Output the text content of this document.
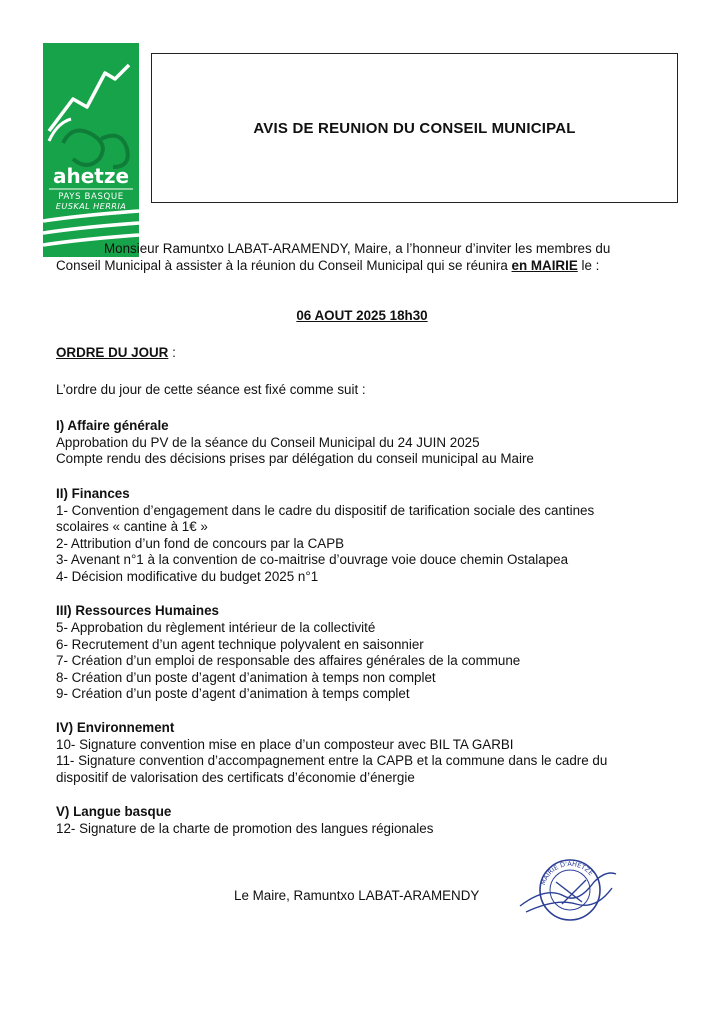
ahetze
PAYS BASQUE
EUSKAL HERRIA
AVIS DE REUNION DU CONSEIL MUNICIPAL
Monsieur Ramuntxo LABAT-ARAMENDY, Maire, a l’honneur d’inviter les membres du
Conseil Municipal à assister à la réunion du Conseil Municipal qui se réunira en MAIRIE le :
06 AOUT 2025 18h30
ORDRE DU JOUR :
L’ordre du jour de cette séance est fixé comme suit :
I) Affaire générale
Approbation du PV de la séance du Conseil Municipal du 24 JUIN 2025
Compte rendu des décisions prises par délégation du conseil municipal au Maire
II) Finances
1- Convention d’engagement dans le cadre du dispositif de tarification sociale des cantines
scolaires « cantine à 1€ »
2- Attribution d’un fond de concours par la CAPB
3- Avenant n°1 à la convention de co-maitrise d’ouvrage voie douce chemin Ostalapea
4- Décision modificative du budget 2025 n°1
III) Ressources Humaines
5- Approbation du règlement intérieur de la collectivité
6- Recrutement d’un agent technique polyvalent en saisonnier
7- Création d’un emploi de responsable des affaires générales de la commune
8- Création d’un poste d’agent d’animation à temps non complet
9- Création d’un poste d’agent d’animation à temps complet
IV) Environnement
10- Signature convention mise en place d’un composteur avec BIL TA GARBI
11- Signature convention d’accompagnement entre la CAPB et la commune dans le cadre du
dispositif de valorisation des certificats d’économie d’énergie
V) Langue basque
12- Signature de la charte de promotion des langues régionales
Le Maire, Ramuntxo LABAT-ARAMENDY
MAIRIE D'AHETZE
